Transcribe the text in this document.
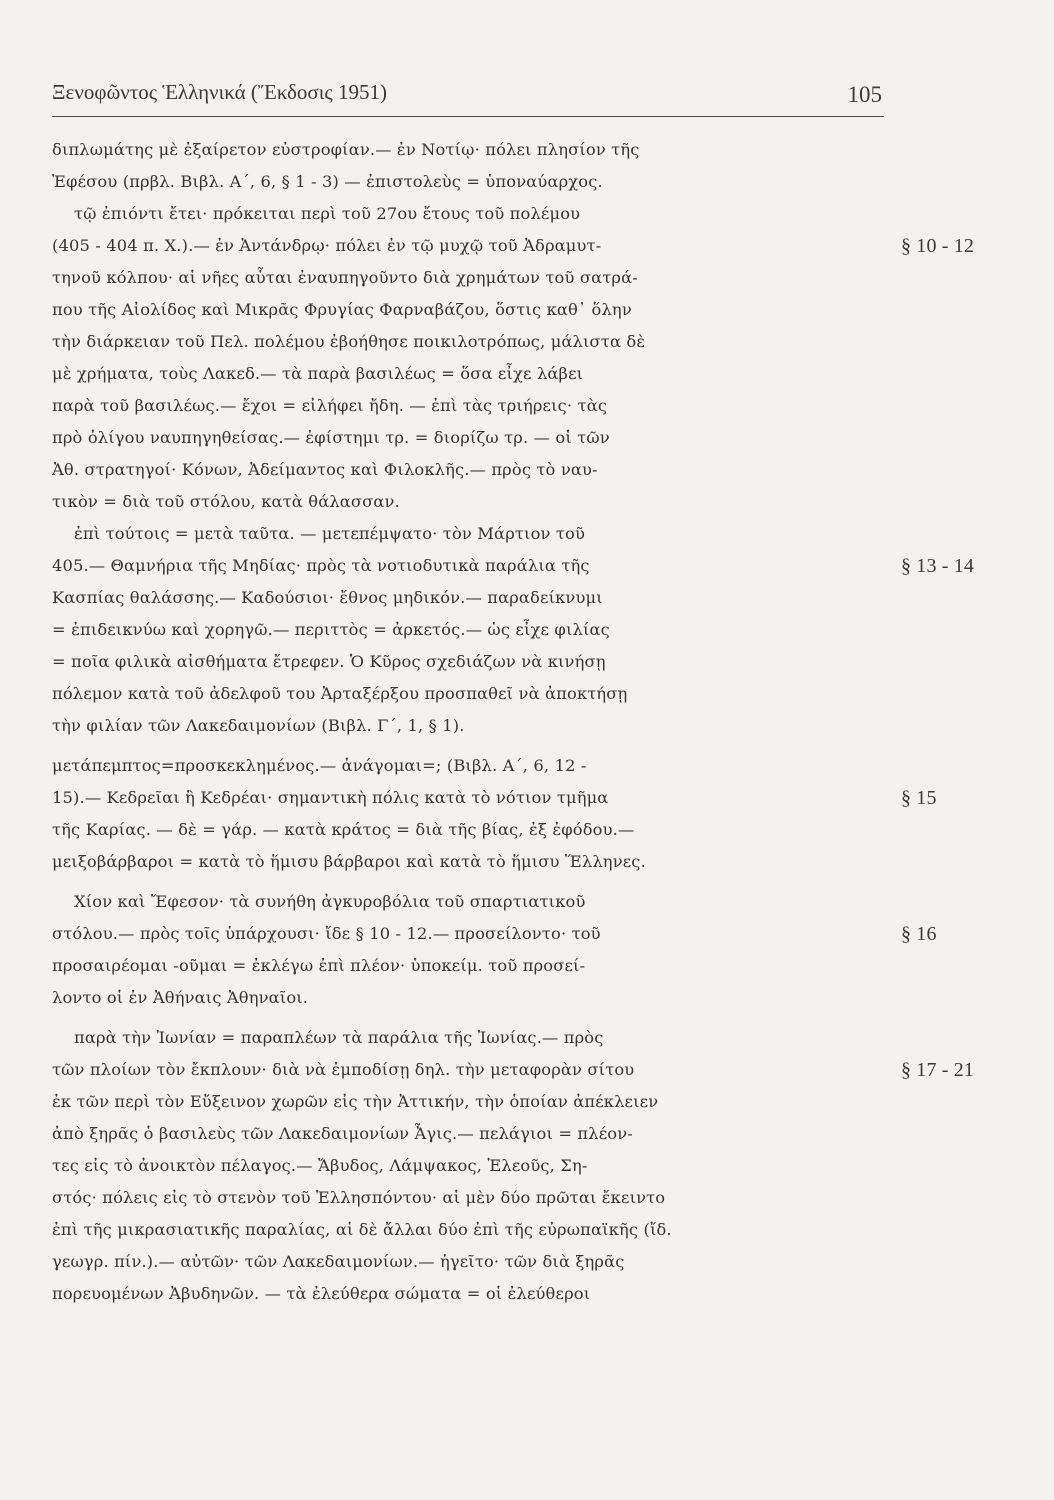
Ξενοφῶντος Ἑλληνικά (Ἔκδοσις 1951)	105
διπλωμάτης μὲ ἐξαίρετον εὐστροφίαν.— ἐν Νοτίῳ· πόλει πλησίον τῆς
Ἐφέσου (πρβλ. Βιβλ. Α΄, 6, § 1 - 3) — ἐπιστολεὺς = ὑποναύαρχος.
τῷ ἐπιόντι ἔτει· πρόκειται περὶ τοῦ 27ου ἔτους τοῦ πολέμου
§ 10 - 12
(405 - 404 π. Χ.).— ἐν Ἀντάνδρῳ· πόλει ἐν τῷ μυχῷ τοῦ Ἀδραμυτ-
τηνοῦ κόλπου· αἱ νῆες αὗται ἐναυπηγοῦντο διὰ χρημάτων τοῦ σατρά-
που τῆς Αἰολίδος καὶ Μικρᾶς Φρυγίας Φαρναβάζου, ὅστις καθ᾽ ὅλην
τὴν διάρκειαν τοῦ Πελ. πολέμου ἐβοήθησε ποικιλοτρόπως, μάλιστα δὲ
μὲ χρήματα, τοὺς Λακεδ.— τὰ παρὰ βασιλέως = ὅσα εἶχε λάβει
παρὰ τοῦ βασιλέως.— ἔχοι = εἰλήφει ἤδη. — ἐπὶ τὰς τριήρεις· τὰς
πρὸ ὀλίγου ναυπηγηθείσας.— ἐφίστημι τρ. = διορίζω τρ. — οἱ τῶν
Ἀθ. στρατηγοί· Κόνων, Ἀδείμαντος καὶ Φιλοκλῆς.— πρὸς τὸ ναυ-
τικὸν = διὰ τοῦ στόλου, κατὰ θάλασσαν.
ἐπὶ τούτοις = μετὰ ταῦτα. — μετεπέμψατο· τὸν Μάρτιον τοῦ
§ 13 - 14
405.— Θαμνήρια τῆς Μηδίας· πρὸς τὰ νοτιοδυτικὰ παράλια τῆς
Κασπίας θαλάσσης.— Καδούσιοι· ἔθνος μηδικόν.— παραδείκνυμι
= ἐπιδεικνύω καὶ χορηγῶ.— περιττὸς = ἀρκετός.— ὡς εἶχε φιλίας
= ποῖα φιλικὰ αἰσθήματα ἔτρεφεν. Ὁ Κῦρος σχεδιάζων νὰ κινήσῃ
πόλεμον κατὰ τοῦ ἀδελφοῦ του Ἀρταξέρξου προσπαθεῖ νὰ ἀποκτήσῃ
τὴν φιλίαν τῶν Λακεδαιμονίων (Βιβλ. Γ΄, 1, § 1).
μετάπεμπτος=προσκεκλημένος.— ἀνάγομαι=; (Βιβλ. Α΄, 6, 12 -
§ 15
15).— Κεδρεῖαι ἢ Κεδρέαι· σημαντικὴ πόλις κατὰ τὸ νότιον τμῆμα
τῆς Καρίας. — δὲ = γάρ. — κατὰ κράτος = διὰ τῆς βίας, ἐξ ἐφόδου.—
μειξοβάρβαροι = κατὰ τὸ ἥμισυ βάρβαροι καὶ κατὰ τὸ ἥμισυ Ἕλληνες.
Χίον καὶ Ἔφεσον· τὰ συνήθη ἀγκυροβόλια τοῦ σπαρτιατικοῦ
§ 16
στόλου.— πρὸς τοῖς ὑπάρχουσι· ἴδε § 10 - 12.— προσείλοντο· τοῦ
προσαιρέομαι -οῦμαι = ἐκλέγω ἐπὶ πλέον· ὑποκείμ. τοῦ προσεί-
λοντο οἱ ἐν Ἀθήναις Ἀθηναῖοι.
παρὰ τὴν Ἰωνίαν = παραπλέων τὰ παράλια τῆς Ἰωνίας.— πρὸς
§ 17 - 21
τῶν πλοίων τὸν ἔκπλουν· διὰ νὰ ἐμποδίσῃ δηλ. τὴν μεταφορὰν σίτου
ἐκ τῶν περὶ τὸν Εὔξεινον χωρῶν εἰς τὴν Ἀττικήν, τὴν ὁποίαν ἀπέκλειεν
ἀπὸ ξηρᾶς ὁ βασιλεὺς τῶν Λακεδαιμονίων Ἆγις.— πελάγιοι = πλέον-
τες εἰς τὸ ἀνοικτὸν πέλαγος.— Ἄβυδος, Λάμψακος, Ἐλεοῦς, Ση-
στός· πόλεις εἰς τὸ στενὸν τοῦ Ἑλλησπόντου· αἱ μὲν δύο πρῶται ἔκειντο
ἐπὶ τῆς μικρασιατικῆς παραλίας, αἱ δὲ ἄλλαι δύο ἐπὶ τῆς εὐρωπαϊκῆς (ἴδ.
γεωγρ. πίν.).— αὐτῶν· τῶν Λακεδαιμονίων.— ἡγεῖτο· τῶν διὰ ξηρᾶς
πορευομένων Ἀβυδηνῶν. — τὰ ἐλεύθερα σώματα = οἱ ἐλεύθεροι
